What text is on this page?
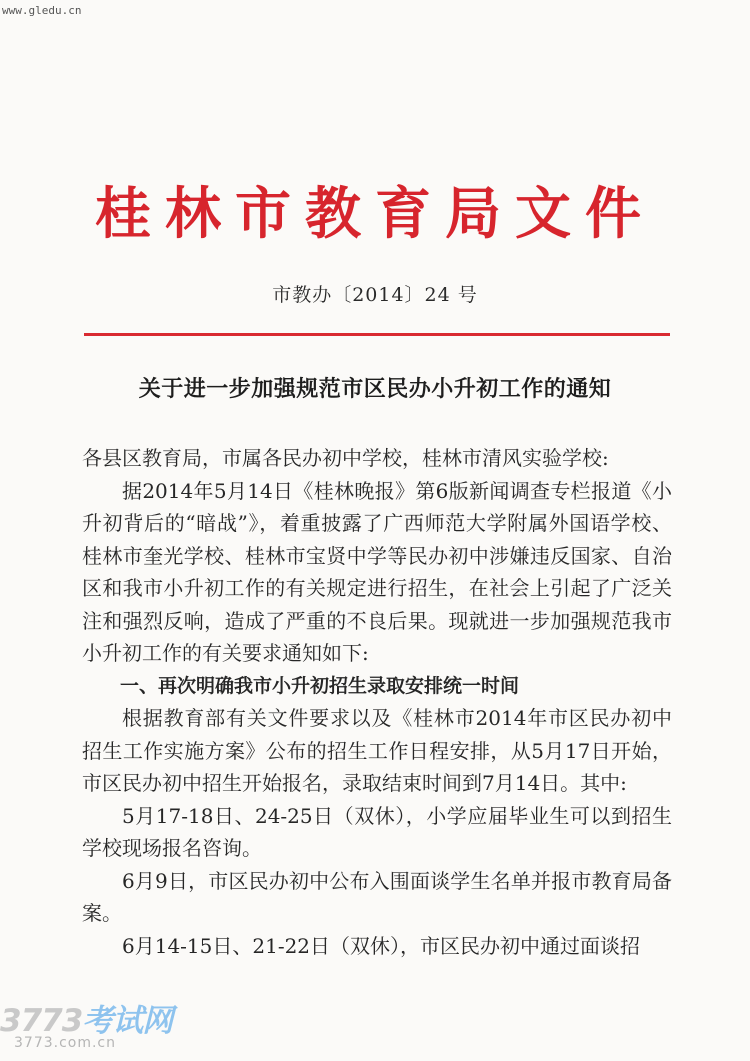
www.gledu.cn
桂林市教育局文件
市教办〔2014〕24 号
关于进一步加强规范市区民办小升初工作的通知

各县区教育局，市属各民办初中学校，桂林市清风实验学校:

据2014年5月14日《桂林晚报》第6版新闻调查专栏报道《小升初背后的“暗战”》，着重披露了广西师范大学附属外国语学校、桂林市奎光学校、桂林市宝贤中学等民办初中涉嫌违反国家、自治区和我市小升初工作的有关规定进行招生，在社会上引起了广泛关注和强烈反响，造成了严重的不良后果。现就进一步加强规范我市小升初工作的有关要求通知如下:

一、再次明确我市小升初招生录取安排统一时间

根据教育部有关文件要求以及《桂林市2014年市区民办初中招生工作实施方案》公布的招生工作日程安排，从5月17日开始，市区民办初中招生开始报名，录取结束时间到7月14日。其中:

5月17-18日、24-25日（双休），小学应届毕业生可以到招生学校现场报名咨询。

6月9日，市区民办初中公布入围面谈学生名单并报市教育局备案。

6月14-15日、21-22日（双休），市区民办初中通过面谈招

3773考试网
3773.com.cn
